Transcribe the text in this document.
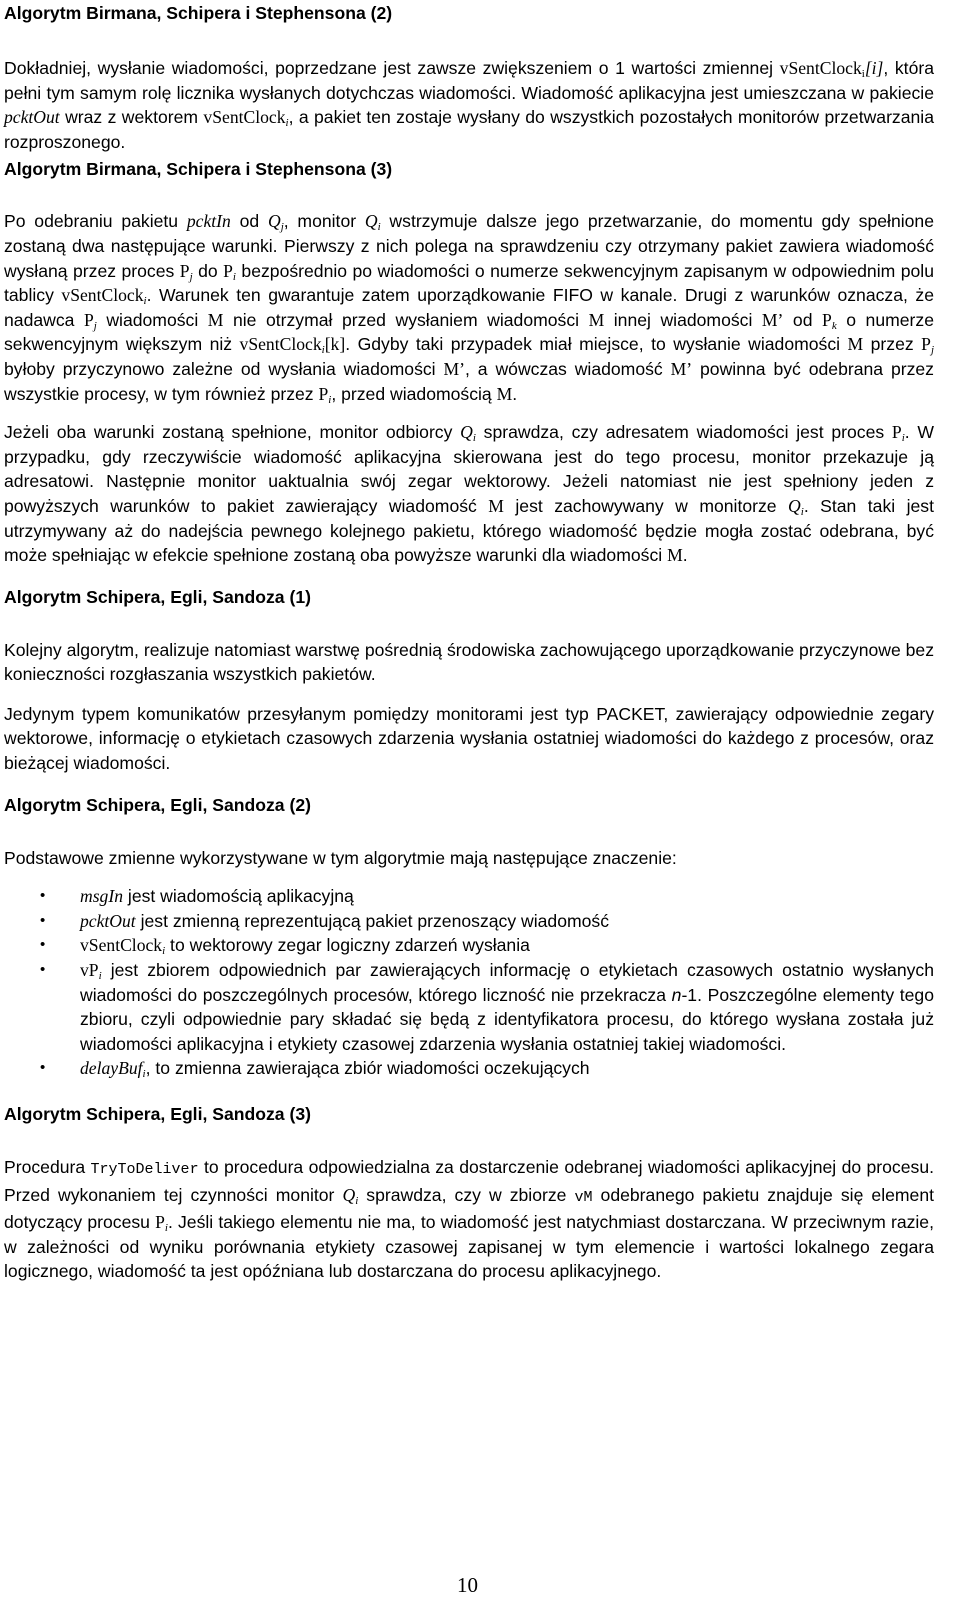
Algorytm Birmana, Schipera i Stephensona (2)

Dokładniej, wysłanie wiadomości, poprzedzane jest zawsze zwiększeniem o 1 wartości zmiennej vSentClock$_i$[i], która pełni tym samym rolę licznika wysłanych dotychczas wiadomości. Wiadomość aplikacyjna jest umieszczana w pakiecie pcktOut wraz z wektorem vSentClock$_i$, a pakiet ten zostaje wysłany do wszystkich pozostałych monitorów przetwarzania rozproszonego.

Algorytm Birmana, Schipera i Stephensona (3)

Po odebraniu pakietu pcktIn od $Q_j$, monitor $Q_i$ wstrzymuje dalsze jego przetwarzanie, do momentu gdy spełnione zostaną dwa następujące warunki. Pierwszy z nich polega na sprawdzeniu czy otrzymany pakiet zawiera wiadomość wysłaną przez proces $P_j$ do $P_i$ bezpośrednio po wiadomości o numerze sekwencyjnym zapisanym w odpowiednim polu tablicy vSentClock$_i$. Warunek ten gwarantuje zatem uporządkowanie FIFO w kanale. Drugi z warunków oznacza, że nadawca $P_j$ wiadomości M nie otrzymał przed wysłaniem wiadomości M innej wiadomości M’ od $P_k$ o numerze sekwencyjnym większym niż vSentClock$_i$[k]. Gdyby taki przypadek miał miejsce, to wysłanie wiadomości M przez $P_j$ byłoby przyczynowo zależne od wysłania wiadomości M’, a wówczas wiadomość M’ powinna być odebrana przez wszystkie procesy, w tym również przez $P_i$, przed wiadomością M.

Jeżeli oba warunki zostaną spełnione, monitor odbiorcy $Q_i$ sprawdza, czy adresatem wiadomości jest proces $P_i$. W przypadku, gdy rzeczywiście wiadomość aplikacyjna skierowana jest do tego procesu, monitor przekazuje ją adresatowi. Następnie monitor uaktualnia swój zegar wektorowy. Jeżeli natomiast nie jest spełniony jeden z powyższych warunków to pakiet zawierający wiadomość M jest zachowywany w monitorze $Q_i$. Stan taki jest utrzymywany aż do nadejścia pewnego kolejnego pakietu, którego wiadomość będzie mogła zostać odebrana, być może spełniając w efekcie spełnione zostaną oba powyższe warunki dla wiadomości M.

Algorytm Schipera, Egli, Sandoza (1)

Kolejny algorytm, realizuje natomiast warstwę pośrednią środowiska zachowującego uporządkowanie przyczynowe bez konieczności rozgłaszania wszystkich pakietów.

Jedynym typem komunikatów przesyłanym pomiędzy monitorami jest typ PACKET, zawierający odpowiednie zegary wektorowe, informację o etykietach czasowych zdarzenia wysłania ostatniej wiadomości do każdego z procesów, oraz bieżącej wiadomości.

Algorytm Schipera, Egli, Sandoza (2)

Podstawowe zmienne wykorzystywane w tym algorytmie mają następujące znaczenie:

• msgIn jest wiadomością aplikacyjną
• pcktOut jest zmienną reprezentującą pakiet przenoszący wiadomość
• vSentClock$_i$ to wektorowy zegar logiczny zdarzeń wysłania
• $vP_i$ jest zbiorem odpowiednich par zawierających informację o etykietach czasowych ostatnio wysłanych wiadomości do poszczególnych procesów, którego liczność nie przekracza n-1. Poszczególne elementy tego zbioru, czyli odpowiednie pary składać się będą z identyfikatora procesu, do którego wysłana została już wiadomości aplikacyjna i etykiety czasowej zdarzenia wysłania ostatniej takiej wiadomości.
• delayBuf$_i$, to zmienna zawierająca zbiór wiadomości oczekujących
Algorytm Schipera, Egli, Sandoza (3)

Procedura TryToDeliver to procedura odpowiedzialna za dostarczenie odebranej wiadomości aplikacyjnej do procesu. Przed wykonaniem tej czynności monitor $Q_i$ sprawdza, czy w zbiorze vM odebranego pakietu znajduje się element dotyczący procesu $P_i$. Jeśli takiego elementu nie ma, to wiadomość jest natychmiast dostarczana. W przeciwnym razie, w zależności od wyniku porównania etykiety czasowej zapisanej w tym elemencie i wartości lokalnego zegara logicznego, wiadomość ta jest opóźniana lub dostarczana do procesu aplikacyjnego.

10
